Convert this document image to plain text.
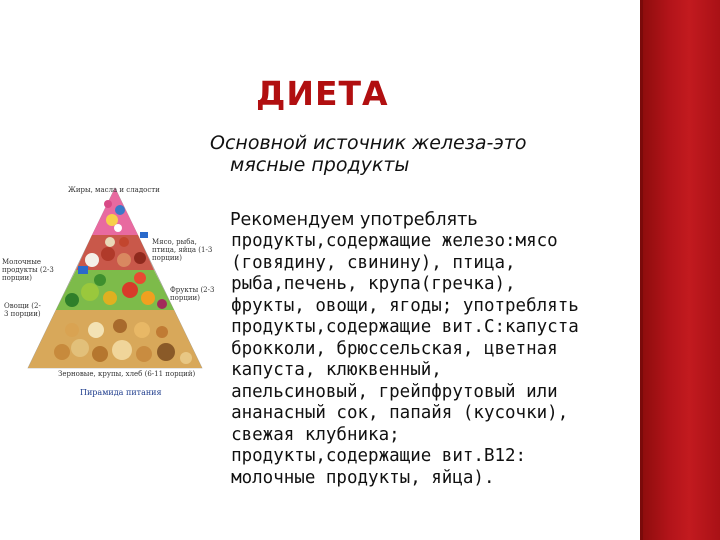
ДИЕТА
Основной источник железа-это
мясные продукты

Рекомендуем употреблять
продукты,содержащие железо:мясо
(говядину, свинину), птица,
рыба,печень, крупа(гречка),
фрукты, овощи, ягоды; употреблять
продукты,содержащие вит.С:капуста
брокколи, брюссельская, цветная
капуста, клюквенный,
апельсиновый, грейпфрутовый или
ананасный сок, папайя (кусочки),
свежая клубника;
продукты,содержащие вит.В12:
молочные продукты, яйца).
Жиры, масла и сладости
Мясо, рыба, птица, яйца (1-3 порции)
Молочные продукты (2-3 порции)
Фрукты (2-3 порции)
Овощи (2-3 порции)
Зерновые, крупы, хлеб (6-11 порций)
Пирамида питания
